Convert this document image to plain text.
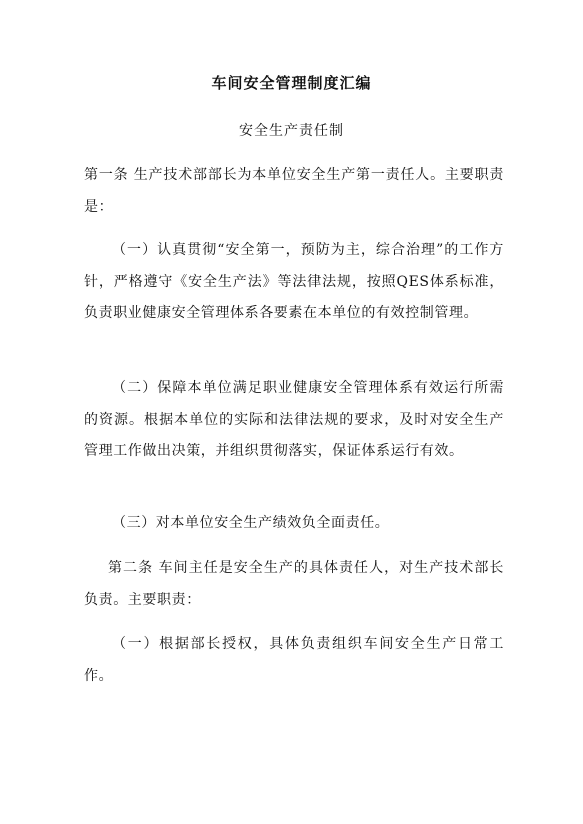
车间安全管理制度汇编
安全生产责任制
第一条 生产技术部部长为本单位安全生产第一责任人。主要职责是：
（一）认真贯彻“安全第一，预防为主，综合治理”的工作方针，严格遵守《安全生产法》等法律法规，按照QES体系标准，负责职业健康安全管理体系各要素在本单位的有效控制管理。
（二）保障本单位满足职业健康安全管理体系有效运行所需的资源。根据本单位的实际和法律法规的要求，及时对安全生产管理工作做出决策，并组织贯彻落实，保证体系运行有效。
（三）对本单位安全生产绩效负全面责任。
第二条 车间主任是安全生产的具体责任人，对生产技术部长负责。主要职责：
（一）根据部长授权，具体负责组织车间安全生产日常工作。
